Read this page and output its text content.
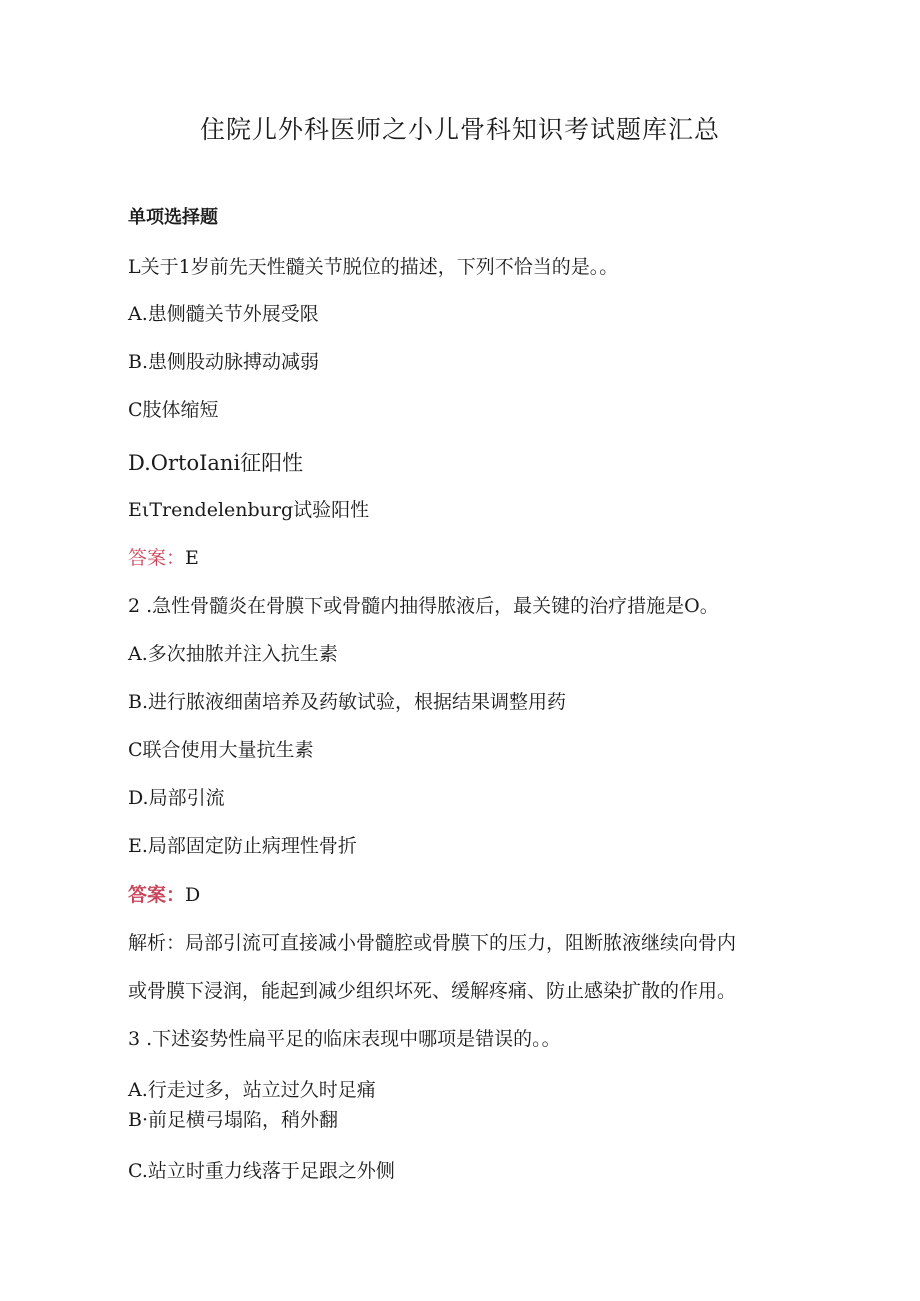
住院儿外科医师之小儿骨科知识考试题库汇总
单项选择题
L关于1岁前先天性髓关节脱位的描述，下列不恰当的是。。
A.患侧髓关节外展受限
B.患侧股动脉搏动减弱
C肢体缩短
D.OrtoIani征阳性
EιTrendelenburg试验阳性
答案：E
2 .急性骨髓炎在骨膜下或骨髓内抽得脓液后，最关键的治疗措施是O。
A.多次抽脓并注入抗生素
B.进行脓液细菌培养及药敏试验，根据结果调整用药
C联合使用大量抗生素
D.局部引流
E.局部固定防止病理性骨折
答案：D
解析：局部引流可直接减小骨髓腔或骨膜下的压力，阻断脓液继续向骨内
或骨膜下浸润，能起到减少组织坏死、缓解疼痛、防止感染扩散的作用。
3 .下述姿势性扁平足的临床表现中哪项是错误的。。
A.行走过多，站立过久时足痛
B·前足横弓塌陷，稍外翻
C.站立时重力线落于足跟之外侧
